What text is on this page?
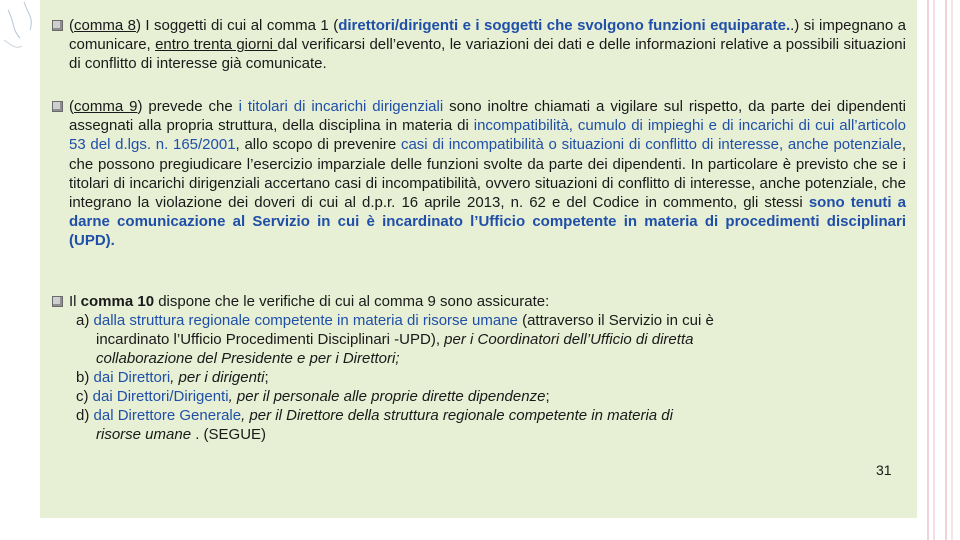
(comma 8) I soggetti di cui al comma 1 (direttori/dirigenti e i soggetti che svolgono funzioni equiparate..) si impegnano a comunicare, entro trenta giorni dal verificarsi dell’evento, le variazioni dei dati e delle informazioni relative a possibili situazioni di conflitto di interesse già comunicate.
(comma 9) prevede che i titolari di incarichi dirigenziali sono inoltre chiamati a vigilare sul rispetto, da parte dei dipendenti assegnati alla propria struttura, della disciplina in materia di incompatibilità, cumulo di impieghi e di incarichi di cui all’articolo 53 del d.lgs. n. 165/2001, allo scopo di prevenire casi di incompatibilità o situazioni di conflitto di interesse, anche potenziale, che possono pregiudicare l’esercizio imparziale delle funzioni svolte da parte dei dipendenti. In particolare è previsto che se i titolari di incarichi dirigenziali accertano casi di incompatibilità, ovvero situazioni di conflitto di interesse, anche potenziale, che integrano la violazione dei doveri di cui al d.p.r. 16 aprile 2013, n. 62 e del Codice in commento, gli stessi sono tenuti a darne comunicazione al Servizio in cui è incardinato l’Ufficio competente in materia di procedimenti disciplinari (UPD).
Il comma 10 dispone che le verifiche di cui al comma 9 sono assicurate:
a) dalla struttura regionale competente in materia di risorse umane (attraverso il Servizio in cui è
incardinato l’Ufficio Procedimenti Disciplinari -UPD), per i Coordinatori dell’Ufficio di diretta
collaborazione del Presidente e per i Direttori;
b) dai Direttori, per i dirigenti;
c) dai Direttori/Dirigenti, per il personale alle proprie dirette dipendenze;
d) dal Direttore Generale, per il Direttore della struttura regionale competente in materia di
risorse umane . (SEGUE)
31
